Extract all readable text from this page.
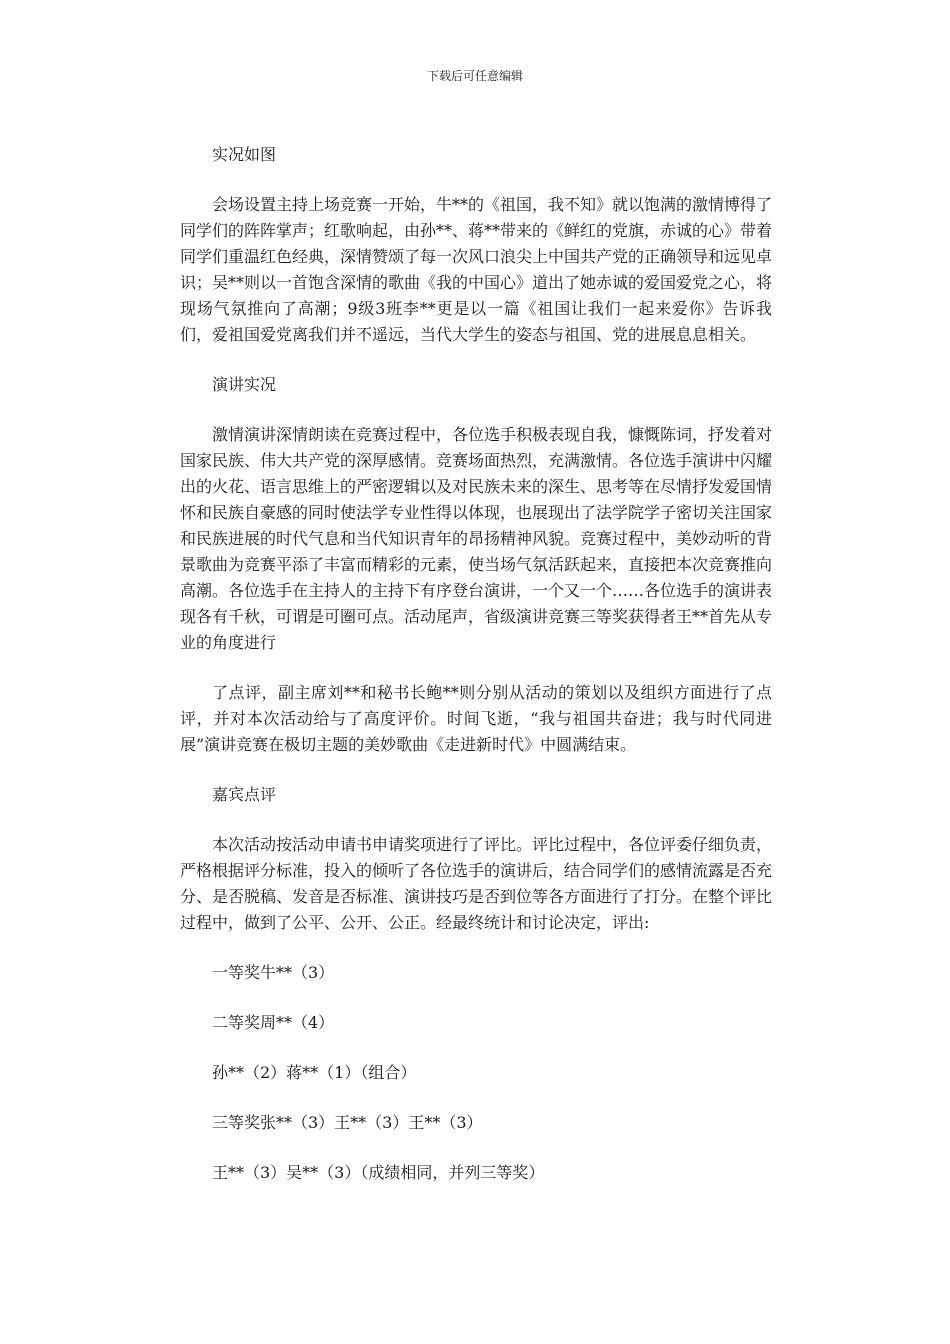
下载后可任意编辑

实况如图

会场设置主持上场竞赛一开始，牛**的《祖国，我不知》就以饱满的激情博得了同学们的阵阵掌声；红歌响起，由孙**、蒋**带来的《鲜红的党旗，赤诚的心》带着同学们重温红色经典，深情赞颂了每一次风口浪尖上中国共产党的正确领导和远见卓识；吴**则以一首饱含深情的歌曲《我的中国心》道出了她赤诚的爱国爱党之心，将现场气氛推向了高潮；9级3班李**更是以一篇《祖国让我们一起来爱你》告诉我们，爱祖国爱党离我们并不遥远，当代大学生的姿态与祖国、党的进展息息相关。

演讲实况

激情演讲深情朗读在竞赛过程中，各位选手积极表现自我，慷慨陈词，抒发着对国家民族、伟大共产党的深厚感情。竞赛场面热烈，充满激情。各位选手演讲中闪耀出的火花、语言思维上的严密逻辑以及对民族未来的深生、思考等在尽情抒发爱国情怀和民族自豪感的同时使法学专业性得以体现，也展现出了法学院学子密切关注国家和民族进展的时代气息和当代知识青年的昂扬精神风貌。竞赛过程中，美妙动听的背景歌曲为竞赛平添了丰富而精彩的元素，使当场气氛活跃起来，直接把本次竞赛推向高潮。各位选手在主持人的主持下有序登台演讲，一个又一个……各位选手的演讲表现各有千秋，可谓是可圈可点。活动尾声，省级演讲竞赛三等奖获得者王**首先从专业的角度进行

了点评，副主席刘**和秘书长鲍**则分别从活动的策划以及组织方面进行了点评，并对本次活动给与了高度评价。时间飞逝，“我与祖国共奋进；我与时代同进展”演讲竞赛在极切主题的美妙歌曲《走进新时代》中圆满结束。

嘉宾点评

本次活动按活动申请书申请奖项进行了评比。评比过程中，各位评委仔细负责，严格根据评分标准，投入的倾听了各位选手的演讲后，结合同学们的感情流露是否充分、是否脱稿、发音是否标准、演讲技巧是否到位等各方面进行了打分。在整个评比过程中，做到了公平、公开、公正。经最终统计和讨论决定，评出:

一等奖牛**（3）

二等奖周**（4）

孙**（2）蒋**（1）（组合）

三等奖张**（3）王**（3）王**（3）

王**（3）吴**（3）（成绩相同，并列三等奖）
